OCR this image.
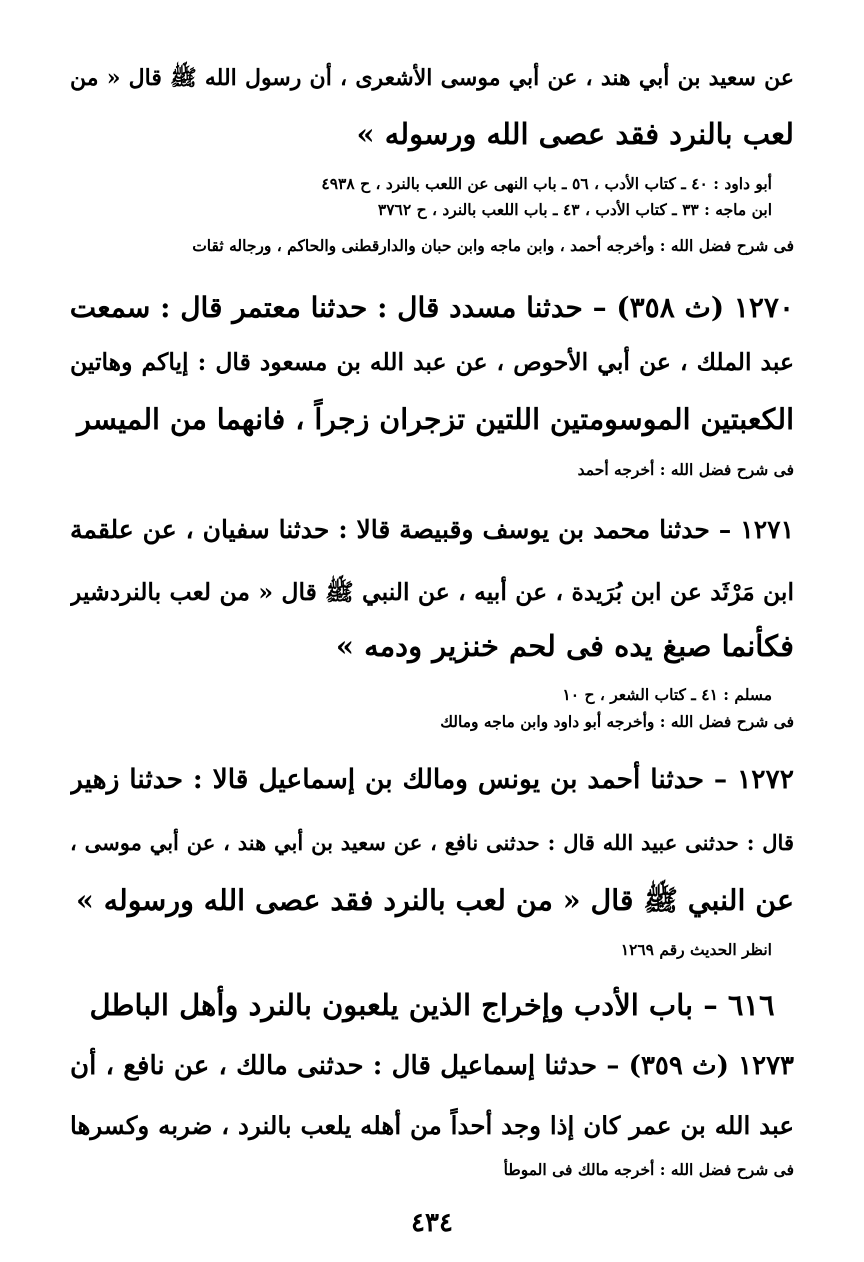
عن سعيد بن أبي هند ، عن أبي موسى الأشعرى ، أن رسول الله ﷺ قال « من
لعب بالنرد فقد عصى الله ورسوله »
أبو داود : ٤٠ ـ كتاب الأدب ، ٥٦ ـ باب النهى عن اللعب بالنرد ، ح ٤٩٣٨
ابن ماجه : ٣٣ ـ كتاب الأدب ، ٤٣ ـ باب اللعب بالنرد ، ح ٣٧٦٢
فى شرح فضل الله : وأخرجه أحمد ، وابن ماجه وابن حبان والدارقطنى والحاكم ، ورجاله ثقات
١٢٧٠ (ث ٣٥٨) – حدثنا مسدد قال : حدثنا معتمر قال : سمعت
عبد الملك ، عن أبي الأحوص ، عن عبد الله بن مسعود قال : إياكم وهاتين
الكعبتين الموسومتين اللتين تزجران زجراً ، فانهما من الميسر
فى شرح فضل الله : أخرجه أحمد
١٢٧١ – حدثنا محمد بن يوسف وقبيصة قالا : حدثنا سفيان ، عن علقمة
ابن مَرْثَد عن ابن بُرَيدة ، عن أبيه ، عن النبي ﷺ قال « من لعب بالنردشير
فكأنما صبغ يده فى لحم خنزير ودمه »
مسلم : ٤١ ـ كتاب الشعر ، ح ١٠
فى شرح فضل الله : وأخرجه أبو داود وابن ماجه ومالك
١٢٧٢ – حدثنا أحمد بن يونس ومالك بن إسماعيل قالا : حدثنا زهير
قال : حدثنى عبيد الله قال : حدثنى نافع ، عن سعيد بن أبي هند ، عن أبي موسى ،
عن النبي ﷺ قال « من لعب بالنرد فقد عصى الله ورسوله »
انظر الحديث رقم ١٢٦٩
٦١٦ – باب الأدب وإخراج الذين يلعبون بالنرد وأهل الباطل
١٢٧٣ (ث ٣٥٩) – حدثنا إسماعيل قال : حدثنى مالك ، عن نافع ، أن
عبد الله بن عمر كان إذا وجد أحداً من أهله يلعب بالنرد ، ضربه وكسرها
فى شرح فضل الله : أخرجه مالك فى الموطأ
٤٣٤
